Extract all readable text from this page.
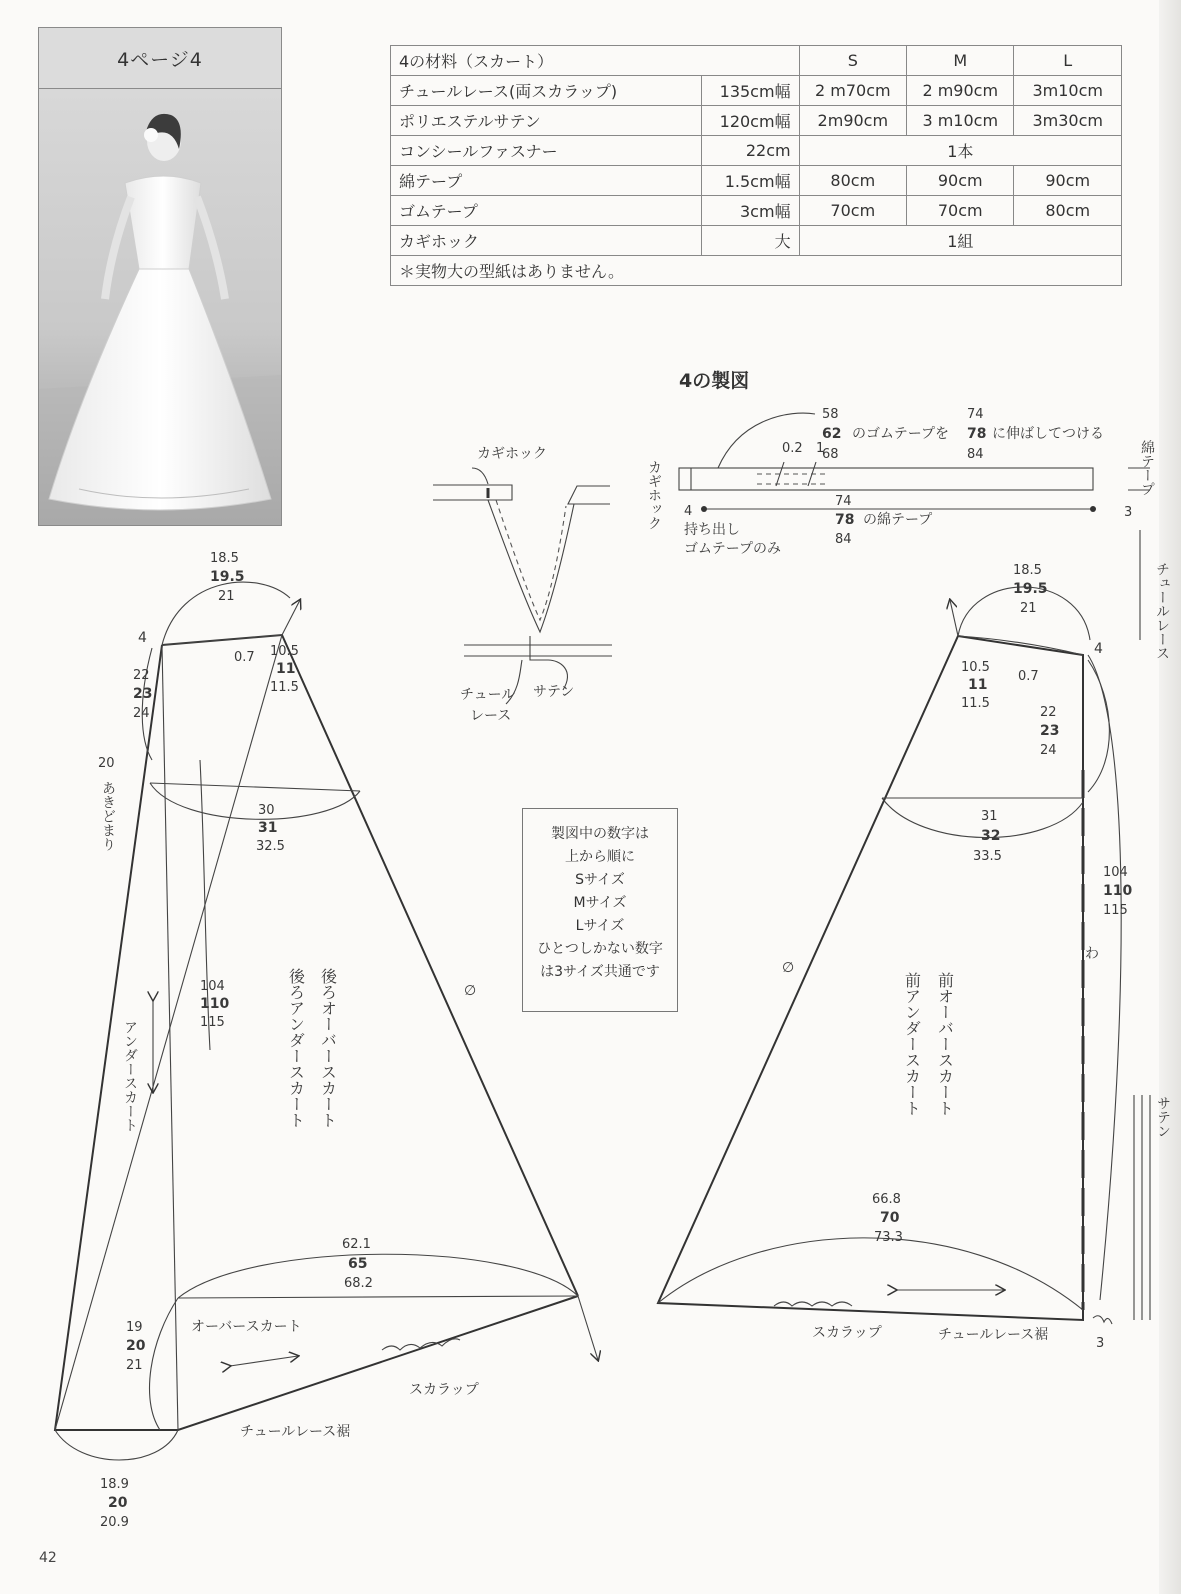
4ページ4	4の材料（スカート）		S	M	L
チュールレース(両スカラップ)	135cm幅	2 m70cm	2 m90cm	3m10cm
ポリエステルサテン	120cm幅	2m90cm	3 m10cm	3m30cm
コンシールファスナー	22cm	1本		
綿テープ	1.5cm幅	80cm	90cm	90cm
ゴムテープ	3cm幅	70cm	70cm	80cm
カギホック	大	1組		
＊実物大の型紙はありません。				
4の製図
製図中の数字は
上から順に
Sサイズ
Mサイズ
Lサイズ
ひとつしかない数字
は3サイズ共通です
58
62
68
のゴムテープを
74
78
84
に伸ばしてつける
0.2 1
74
78
84
の綿テープ
カギホック 4
持ち出し
ゴムテープのみ
カギホック
チュール
レース
サテン
18.5
19.5
21
4
0.7 10.5
11
11.5
22
23
24
20
あきどまり	30
31
32.5
104
110
115	後ろオーバースカート
後ろアンダースカート
アンダースカート
∅
62.1
65
68.2
オーバースカート
19
20
21
スカラップ
チュールレース裾
18.9
20
20.9
18.5
19.5
21
4
0.7
10.5
11
11.5
22
23
24
31
32
33.5
104
110
115
わ
∅
前オーバースカート
前アンダースカート
66.8
70
73.3
スカラップ	チュールレース裾
3
綿テープ
3
チュールレース
サテン
42
